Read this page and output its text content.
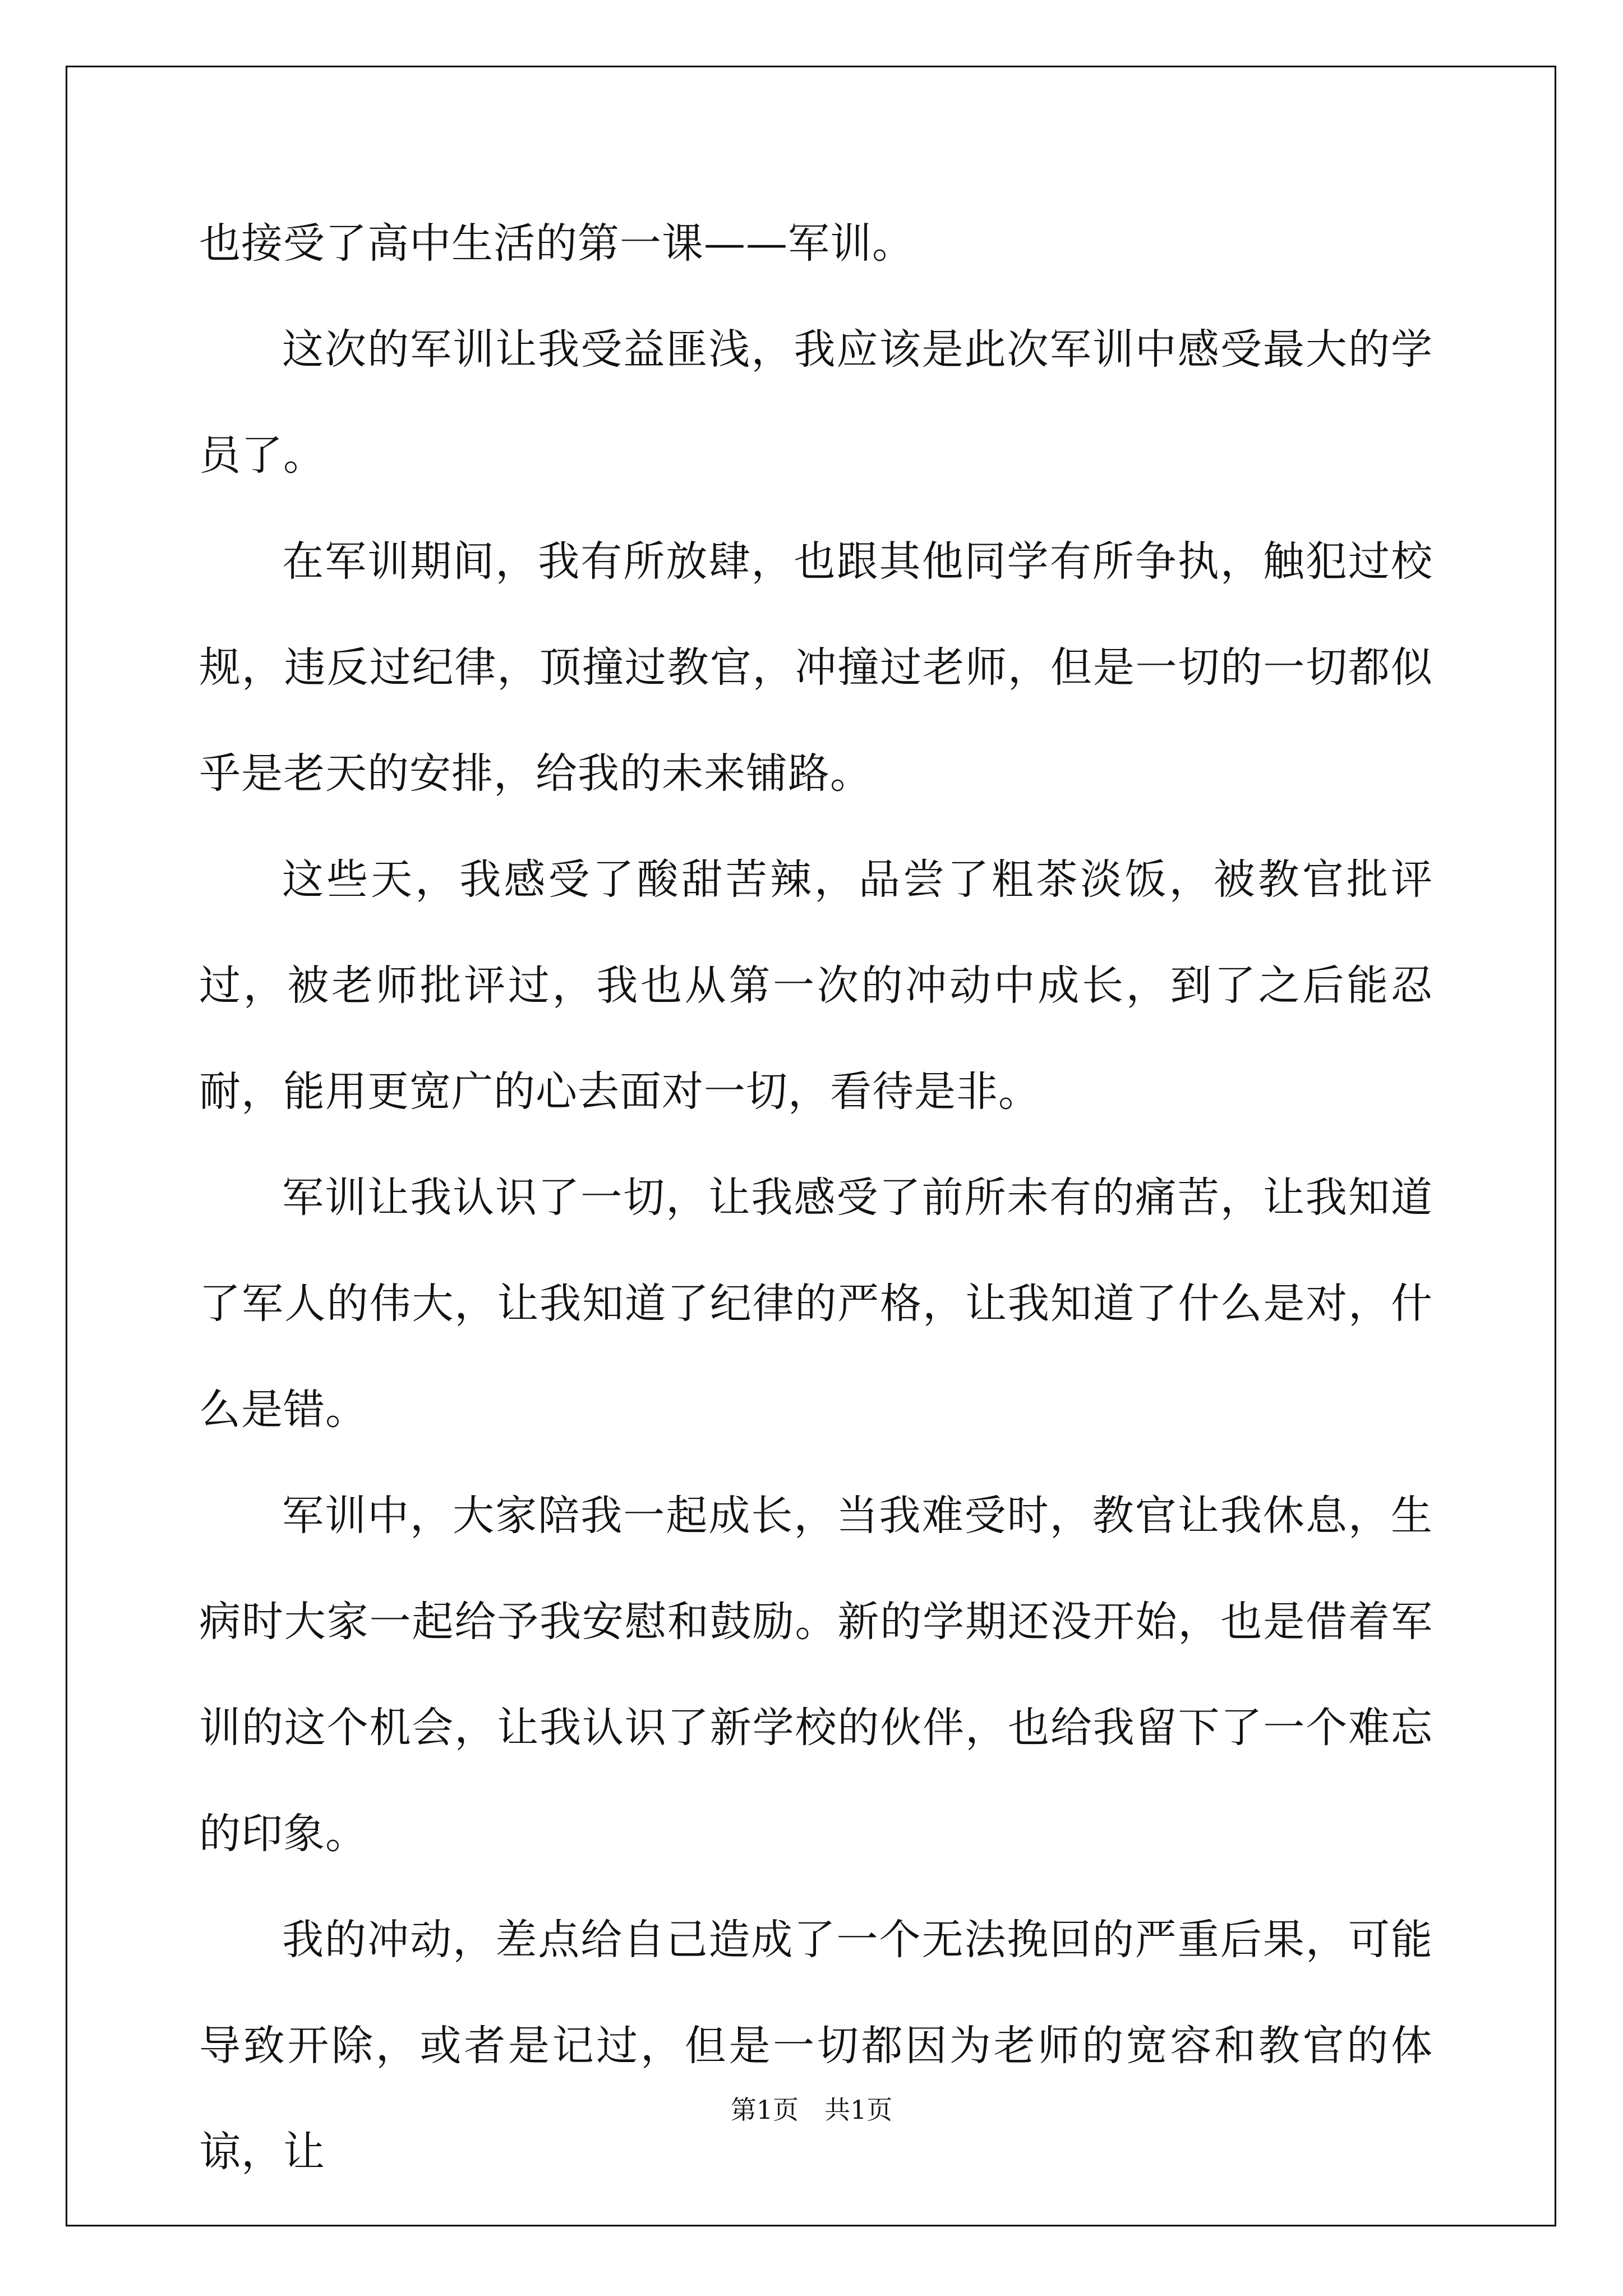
也接受了高中生活的第一课——军训。

这次的军训让我受益匪浅，我应该是此次军训中感受最大的学员了。

在军训期间，我有所放肆，也跟其他同学有所争执，触犯过校规，违反过纪律，顶撞过教官，冲撞过老师，但是一切的一切都似乎是老天的安排，给我的未来铺路。

这些天，我感受了酸甜苦辣，品尝了粗茶淡饭，被教官批评过，被老师批评过，我也从第一次的冲动中成长，到了之后能忍耐，能用更宽广的心去面对一切，看待是非。

军训让我认识了一切，让我感受了前所未有的痛苦，让我知道了军人的伟大，让我知道了纪律的严格，让我知道了什么是对，什么是错。

军训中，大家陪我一起成长，当我难受时，教官让我休息，生病时大家一起给予我安慰和鼓励。新的学期还没开始，也是借着军训的这个机会，让我认识了新学校的伙伴，也给我留下了一个难忘的印象。

我的冲动，差点给自己造成了一个无法挽回的严重后果，可能导致开除，或者是记过，但是一切都因为老师的宽容和教官的体谅，让

第1页　共1页
